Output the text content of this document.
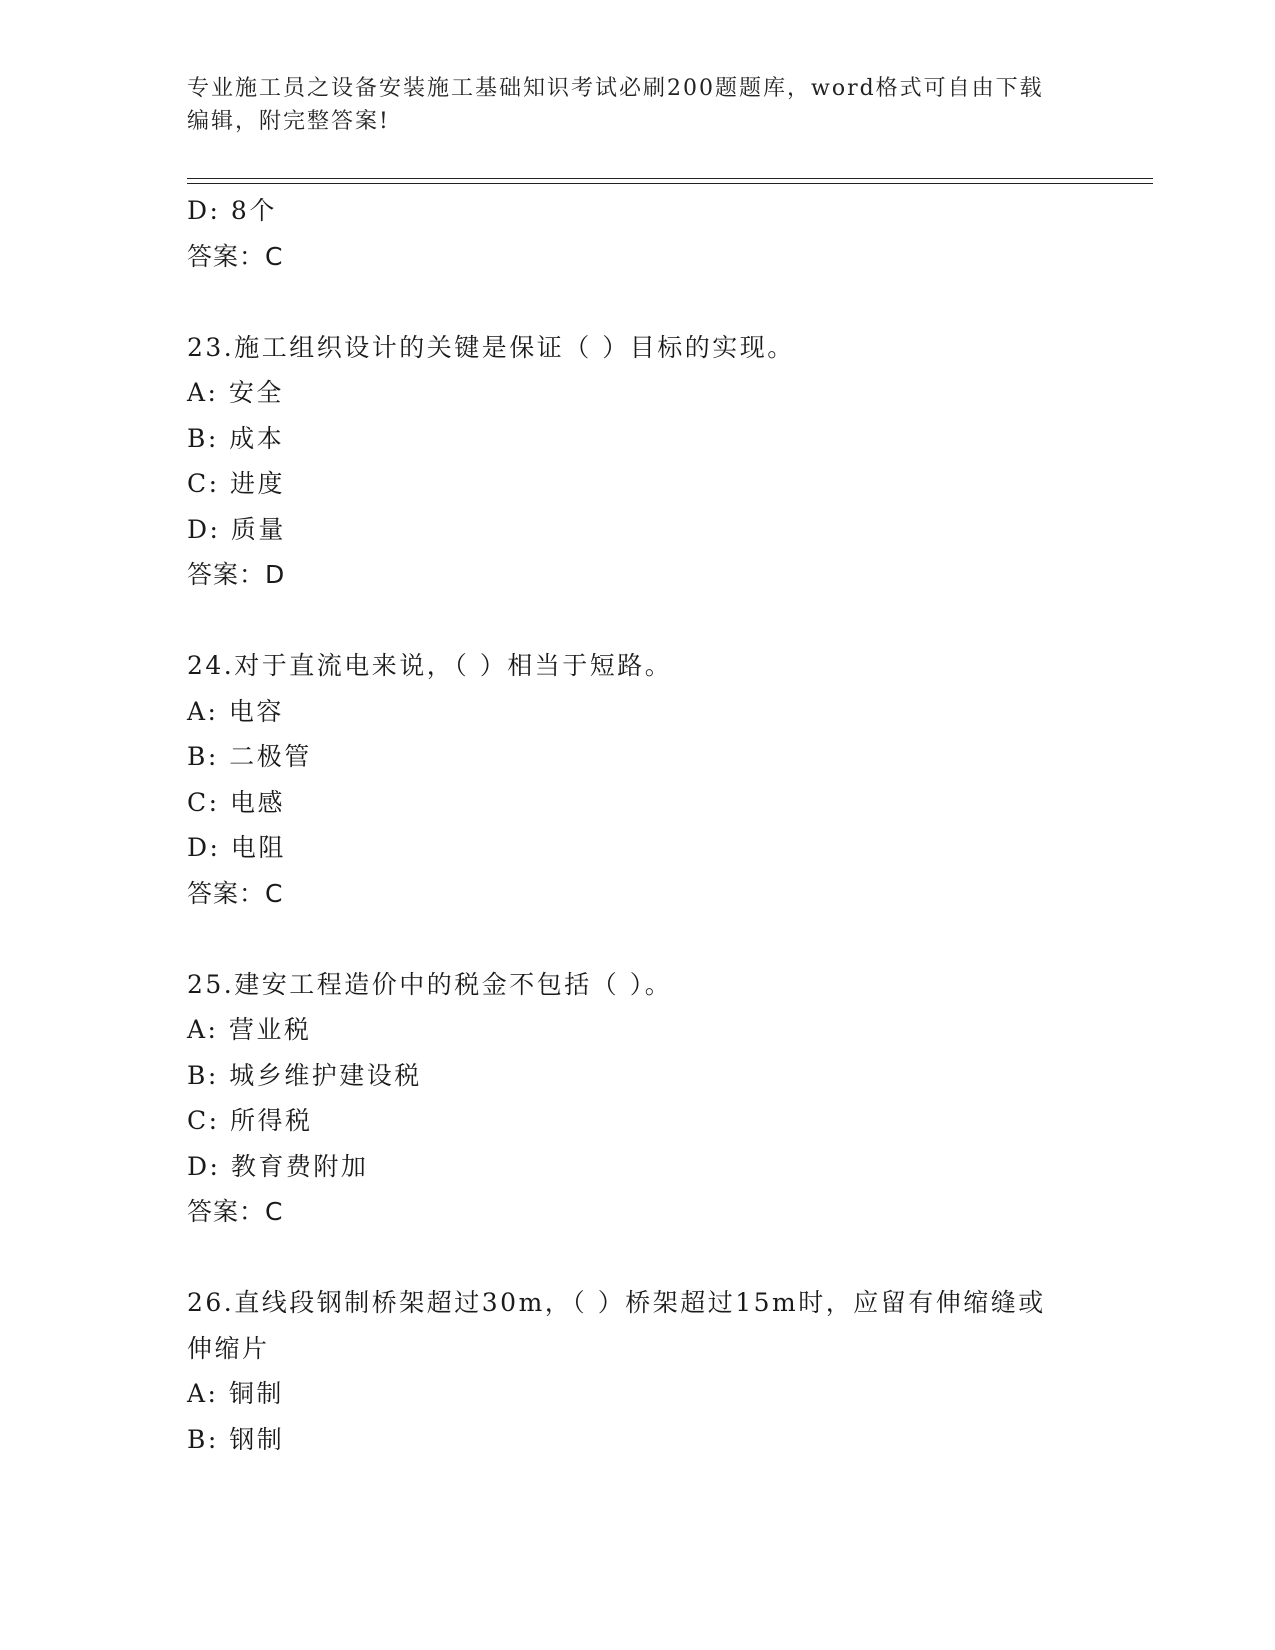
专业施工员之设备安装施工基础知识考试必刷200题题库，word格式可自由下载
编辑，附完整答案!
D: 8个
答案：C
23.施工组织设计的关键是保证（ ）目标的实现。
A: 安全
B: 成本
C: 进度
D: 质量
答案：D
24.对于直流电来说，（ ）相当于短路。
A: 电容
B: 二极管
C: 电感
D: 电阻
答案：C
25.建安工程造价中的税金不包括（ ）。
A: 营业税
B: 城乡维护建设税
C: 所得税
D: 教育费附加
答案：C
26.直线段钢制桥架超过30m，（ ）桥架超过15m时，应留有伸缩缝或
伸缩片
A: 铜制
B: 钢制
